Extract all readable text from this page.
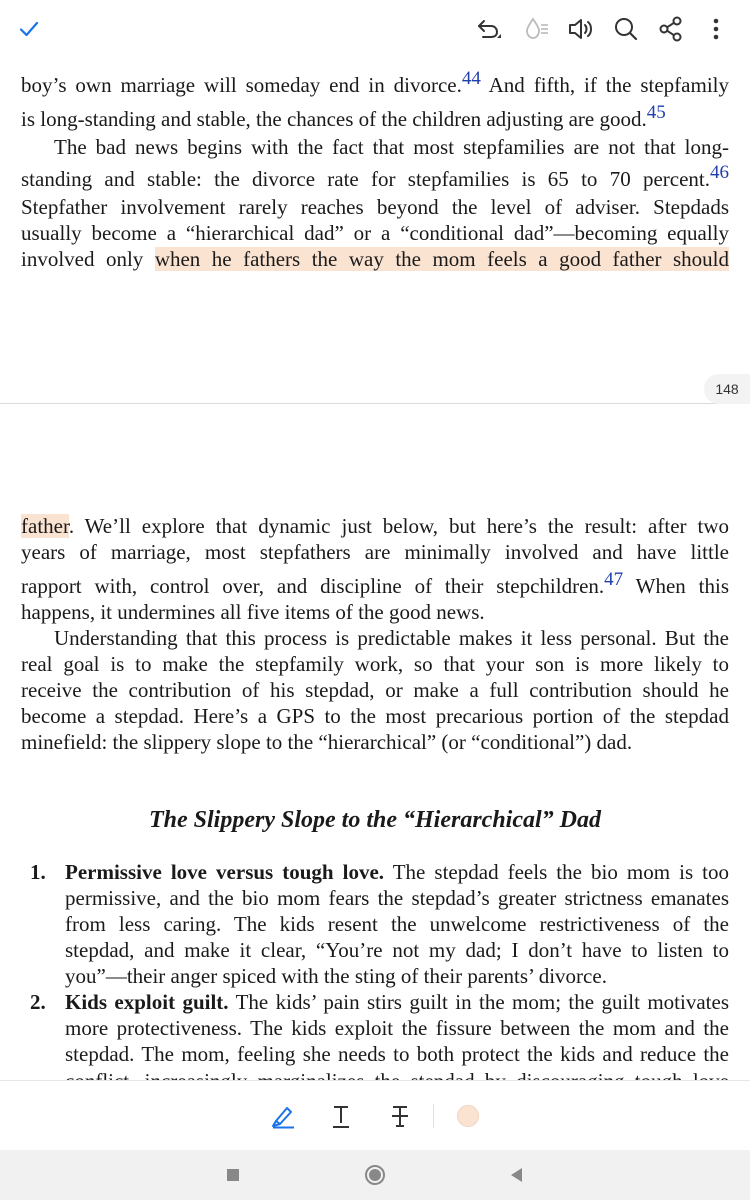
boy’s own marriage will someday end in divorce.$^{44}$ And fifth, if the stepfamily
is long-standing and stable, the chances of the children adjusting are good.$^{45}$
The bad news begins with the fact that most stepfamilies are not that long-
standing and stable: the divorce rate for stepfamilies is 65 to 70 percent.$^{46}$
Stepfather involvement rarely reaches beyond the level of adviser. Stepdads
usually become a “hierarchical dad” or a “conditional dad”—becoming equally
involved only when he fathers the way the mom feels a good father should
148
father. We’ll explore that dynamic just below, but here’s the result: after two
years of marriage, most stepfathers are minimally involved and have little
rapport with, control over, and discipline of their stepchildren.$^{47}$ When this
happens, it undermines all five items of the good news.
Understanding that this process is predictable makes it less personal. But the
real goal is to make the stepfamily work, so that your son is more likely to
receive the contribution of his stepdad, or make a full contribution should he
become a stepdad. Here’s a GPS to the most precarious portion of the stepdad
minefield: the slippery slope to the “hierarchical” (or “conditional”) dad.
The Slippery Slope to the “Hierarchical” Dad
1. Permissive love versus tough love. The stepdad feels the bio mom is too
permissive, and the bio mom fears the stepdad’s greater strictness emanates
from less caring. The kids resent the unwelcome restrictiveness of the
stepdad, and make it clear, “You’re not my dad; I don’t have to listen to
you”—their anger spiced with the sting of their parents’ divorce.
2. Kids exploit guilt. The kids’ pain stirs guilt in the mom; the guilt motivates
more protectiveness. The kids exploit the fissure between the mom and the
stepdad. The mom, feeling she needs to both protect the kids and reduce the
